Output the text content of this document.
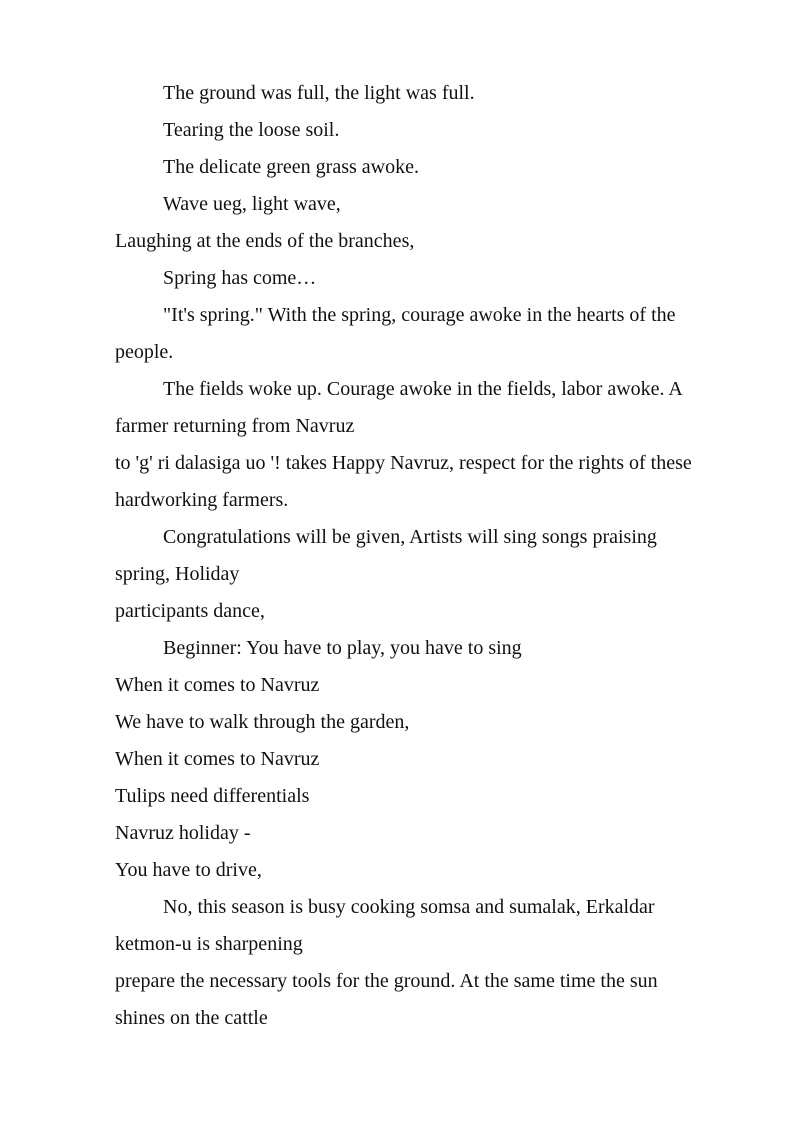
The ground was full, the light was full.
Tearing the loose soil.
The delicate green grass awoke.
Wave ueg, light wave,
Laughing at the ends of the branches,
Spring has come…
"It's spring." With the spring, courage awoke in the hearts of the
people.
The fields woke up. Courage awoke in the fields, labor awoke. A
farmer returning from Navruz
to 'g' ri dalasiga uo '! takes Happy Navruz, respect for the rights of these
hardworking farmers.
Congratulations will be given, Artists will sing songs praising
spring, Holiday
participants dance,
Beginner: You have to play, you have to sing
When it comes to Navruz
We have to walk through the garden,
When it comes to Navruz
Tulips need differentials
Navruz holiday -
You have to drive,
No, this season is busy cooking somsa and sumalak, Erkaldar
ketmon-u is sharpening
prepare the necessary tools for the ground. At the same time the sun
shines on the cattle
